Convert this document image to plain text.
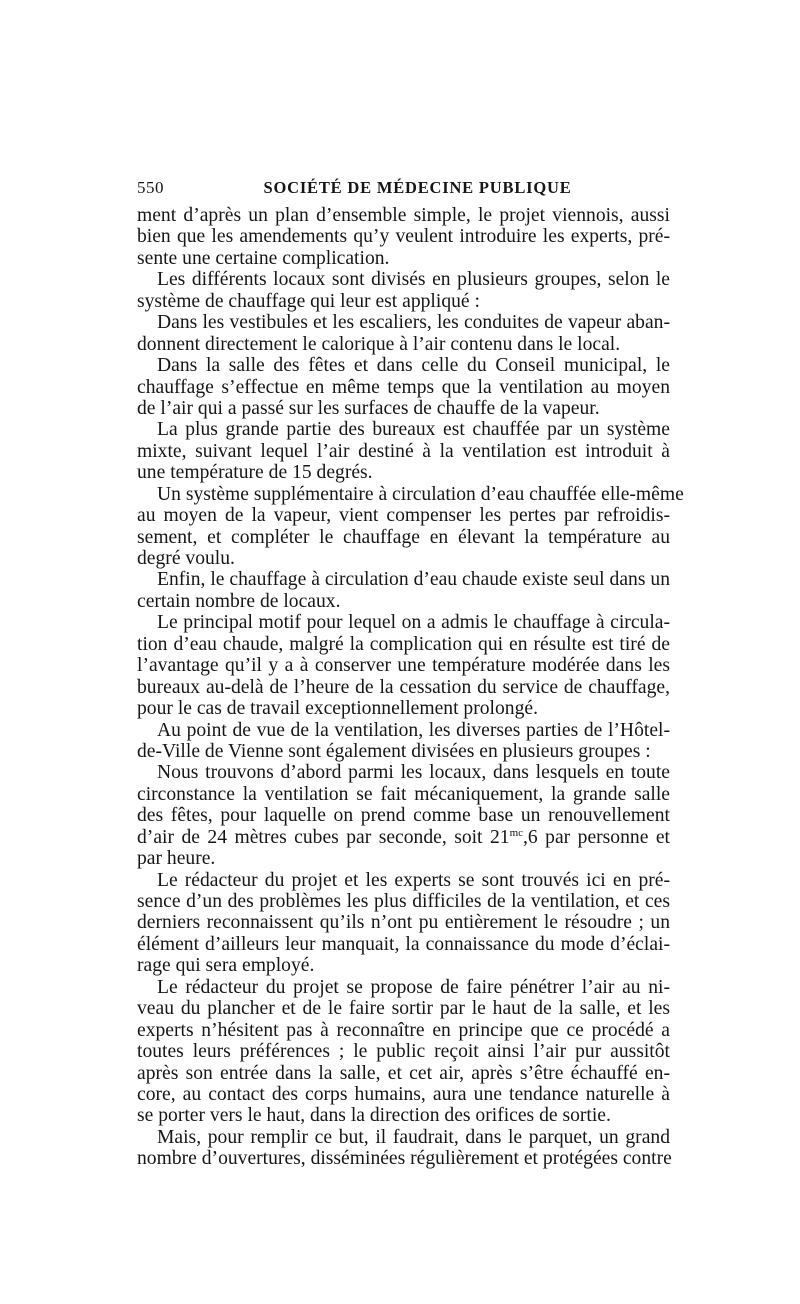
550	SOCIÉTÉ DE MÉDECINE PUBLIQUE
ment d’après un plan d’ensemble simple, le projet viennois, aussi
bien que les amendements qu’y veulent introduire les experts, pré-
sente une certaine complication.
Les différents locaux sont divisés en plusieurs groupes, selon le
système de chauffage qui leur est appliqué :
Dans les vestibules et les escaliers, les conduites de vapeur aban-
donnent directement le calorique à l’air contenu dans le local.
Dans la salle des fêtes et dans celle du Conseil municipal, le
chauffage s’effectue en même temps que la ventilation au moyen
de l’air qui a passé sur les surfaces de chauffe de la vapeur.
La plus grande partie des bureaux est chauffée par un système
mixte, suivant lequel l’air destiné à la ventilation est introduit à
une température de 15 degrés.
Un système supplémentaire à circulation d’eau chauffée elle-même
au moyen de la vapeur, vient compenser les pertes par refroidis-
sement, et compléter le chauffage en élevant la température au
degré voulu.
Enfin, le chauffage à circulation d’eau chaude existe seul dans un
certain nombre de locaux.
Le principal motif pour lequel on a admis le chauffage à circula-
tion d’eau chaude, malgré la complication qui en résulte est tiré de
l’avantage qu’il y a à conserver une température modérée dans les
bureaux au-delà de l’heure de la cessation du service de chauffage,
pour le cas de travail exceptionnellement prolongé.
Au point de vue de la ventilation, les diverses parties de l’Hôtel-
de-Ville de Vienne sont également divisées en plusieurs groupes :
Nous trouvons d’abord parmi les locaux, dans lesquels en toute
circonstance la ventilation se fait mécaniquement, la grande salle
des fêtes, pour laquelle on prend comme base un renouvellement
d’air de 24 mètres cubes par seconde, soit $21^{mc},6$ par personne et
par heure.
Le rédacteur du projet et les experts se sont trouvés ici en pré-
sence d’un des problèmes les plus difficiles de la ventilation, et ces
derniers reconnaissent qu’ils n’ont pu entièrement le résoudre ; un
élément d’ailleurs leur manquait, la connaissance du mode d’éclai-
rage qui sera employé.
Le rédacteur du projet se propose de faire pénétrer l’air au ni-
veau du plancher et de le faire sortir par le haut de la salle, et les
experts n’hésitent pas à reconnaître en principe que ce procédé a
toutes leurs préférences ; le public reçoit ainsi l’air pur aussitôt
après son entrée dans la salle, et cet air, après s’être échauffé en-
core, au contact des corps humains, aura une tendance naturelle à
se porter vers le haut, dans la direction des orifices de sortie.
Mais, pour remplir ce but, il faudrait, dans le parquet, un grand
nombre d’ouvertures, disséminées régulièrement et protégées contre
